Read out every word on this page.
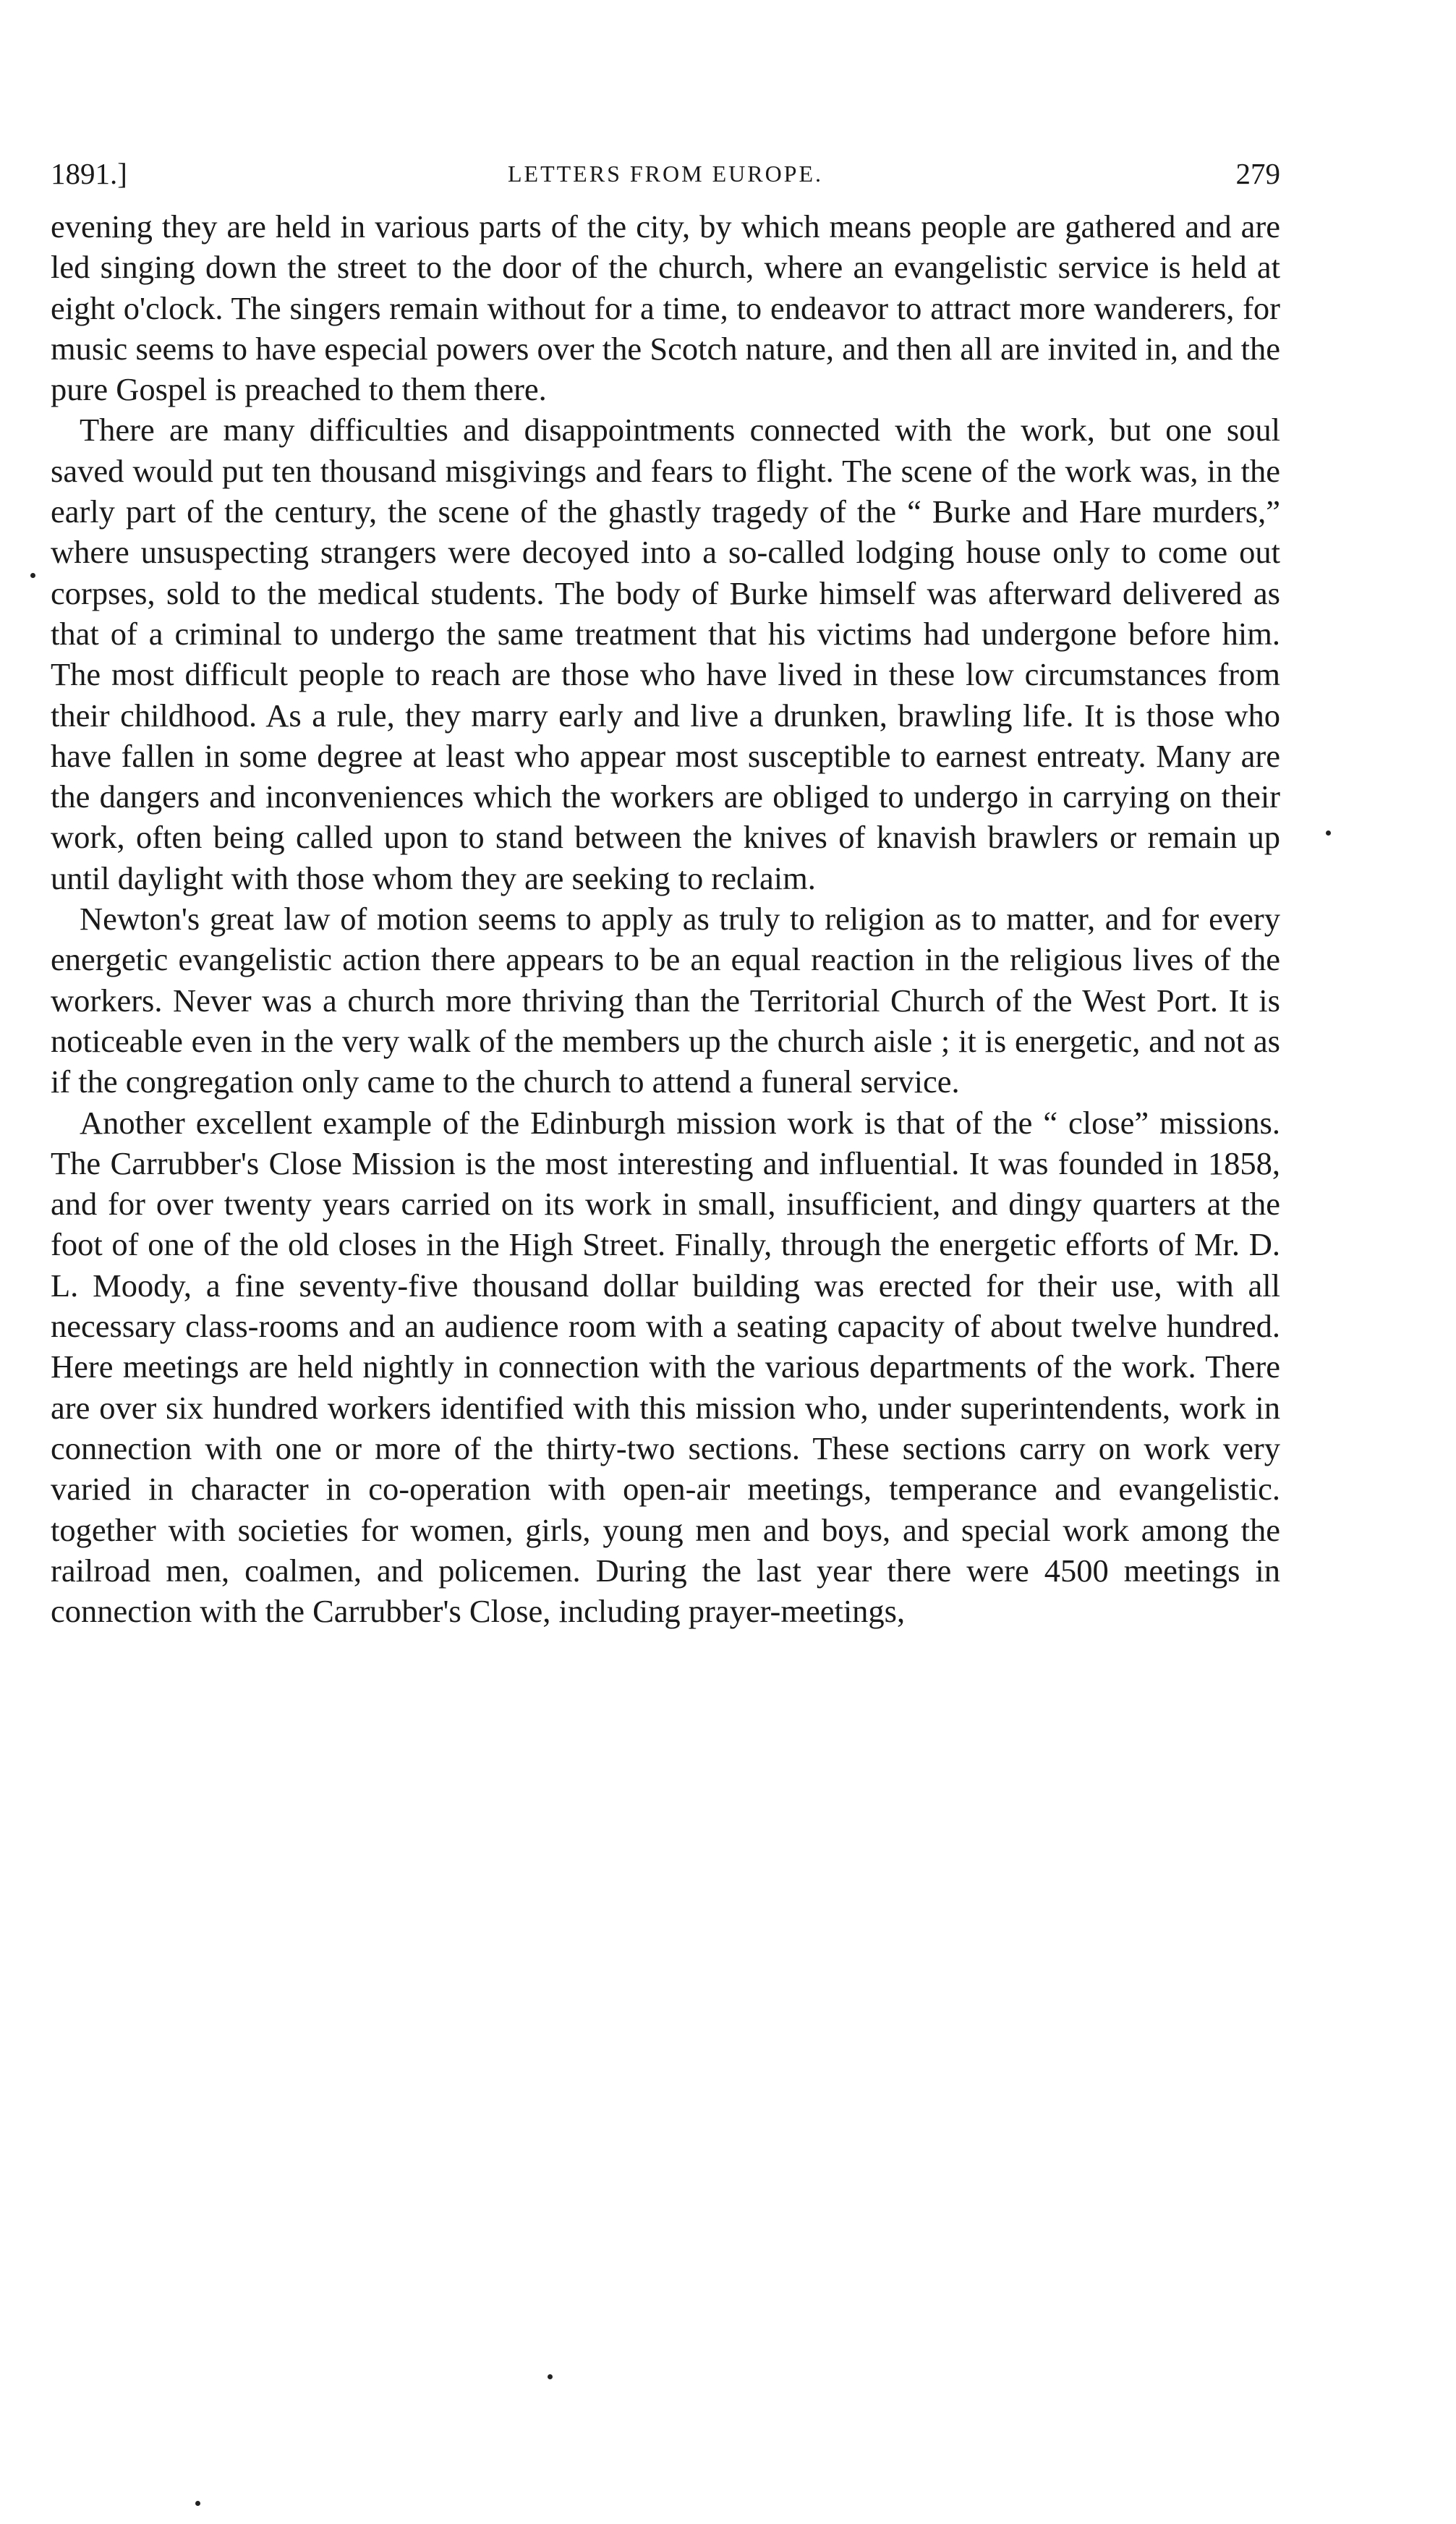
1891.]	LETTERS FROM EUROPE.	279

evening they are held in various parts of the city, by which means people are gathered and are led singing down the street to the door of the church, where an evangelistic service is held at eight o'clock. The singers remain without for a time, to endeavor to attract more wanderers, for music seems to have especial powers over the Scotch nature, and then all are invited in, and the pure Gospel is preached to them there.

There are many difficulties and disappointments connected with the work, but one soul saved would put ten thousand misgivings and fears to flight. The scene of the work was, in the early part of the century, the scene of the ghastly tragedy of the “ Burke and Hare murders,” where unsuspecting strangers were decoyed into a so-called lodging house only to come out corpses, sold to the medical students. The body of Burke himself was afterward delivered as that of a criminal to undergo the same treatment that his victims had undergone before him. The most difficult people to reach are those who have lived in these low circumstances from their childhood. As a rule, they marry early and live a drunken, brawling life. It is those who have fallen in some degree at least who appear most susceptible to earnest entreaty. Many are the dangers and inconveniences which the workers are obliged to undergo in carrying on their work, often being called upon to stand between the knives of knavish brawlers or remain up until daylight with those whom they are seeking to reclaim.

Newton's great law of motion seems to apply as truly to religion as to matter, and for every energetic evangelistic action there appears to be an equal reaction in the religious lives of the workers. Never was a church more thriving than the Territorial Church of the West Port. It is noticeable even in the very walk of the members up the church aisle ; it is energetic, and not as if the congregation only came to the church to attend a funeral service.

Another excellent example of the Edinburgh mission work is that of the “ close” missions. The Carrubber's Close Mission is the most interesting and influential. It was founded in 1858, and for over twenty years carried on its work in small, insufficient, and dingy quarters at the foot of one of the old closes in the High Street. Finally, through the energetic efforts of Mr. D. L. Moody, a fine seventy-five thousand dollar building was erected for their use, with all necessary class-rooms and an audience room with a seating capacity of about twelve hundred. Here meetings are held nightly in connection with the various departments of the work. There are over six hundred workers identified with this mission who, under superintendents, work in connection with one or more of the thirty-two sections. These sections carry on work very varied in character in co-operation with open-air meetings, temperance and evangelistic. together with societies for women, girls, young men and boys, and special work among the railroad men, coalmen, and policemen. During the last year there were 4500 meetings in connection with the Carrubber's Close, including prayer-meetings,
